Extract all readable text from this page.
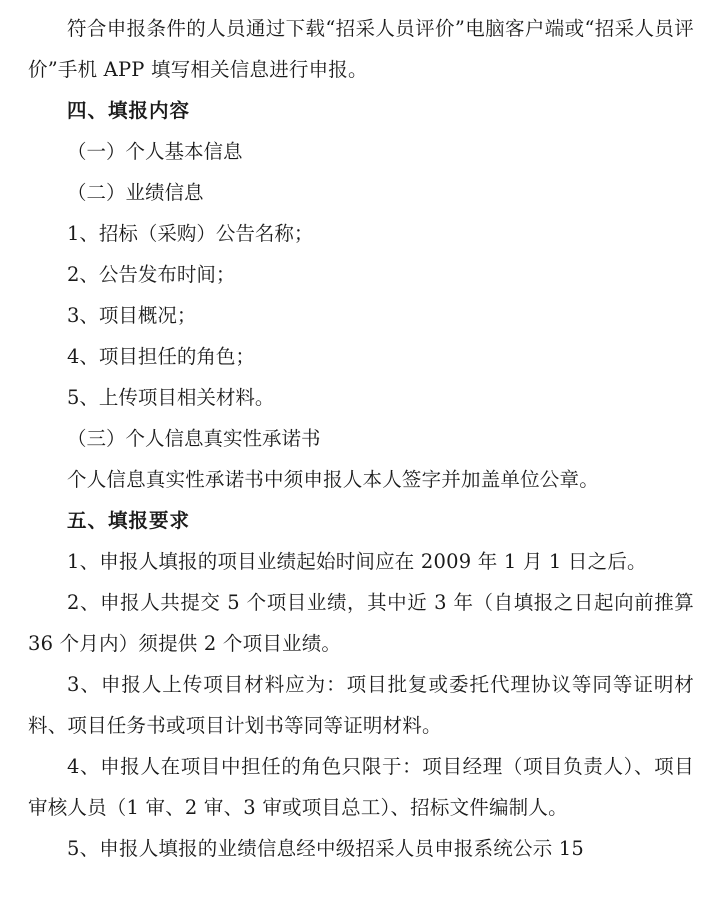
符合申报条件的人员通过下载“招采人员评价”电脑客户端或“招采人员评价”手机 APP 填写相关信息进行申报。

四、填报内容

（一）个人基本信息

（二）业绩信息

1、招标（采购）公告名称；

2、公告发布时间；

3、项目概况；

4、项目担任的角色；

5、上传项目相关材料。

（三）个人信息真实性承诺书

个人信息真实性承诺书中须申报人本人签字并加盖单位公章。

五、填报要求

1、申报人填报的项目业绩起始时间应在 2009 年 1 月 1 日之后。

2、申报人共提交 5 个项目业绩，其中近 3 年（自填报之日起向前推算 36 个月内）须提供 2 个项目业绩。

3、申报人上传项目材料应为：项目批复或委托代理协议等同等证明材料、项目任务书或项目计划书等同等证明材料。

4、申报人在项目中担任的角色只限于：项目经理（项目负责人）、项目审核人员（1 审、2 审、3 审或项目总工）、招标文件编制人。

5、申报人填报的业绩信息经中级招采人员申报系统公示 15
